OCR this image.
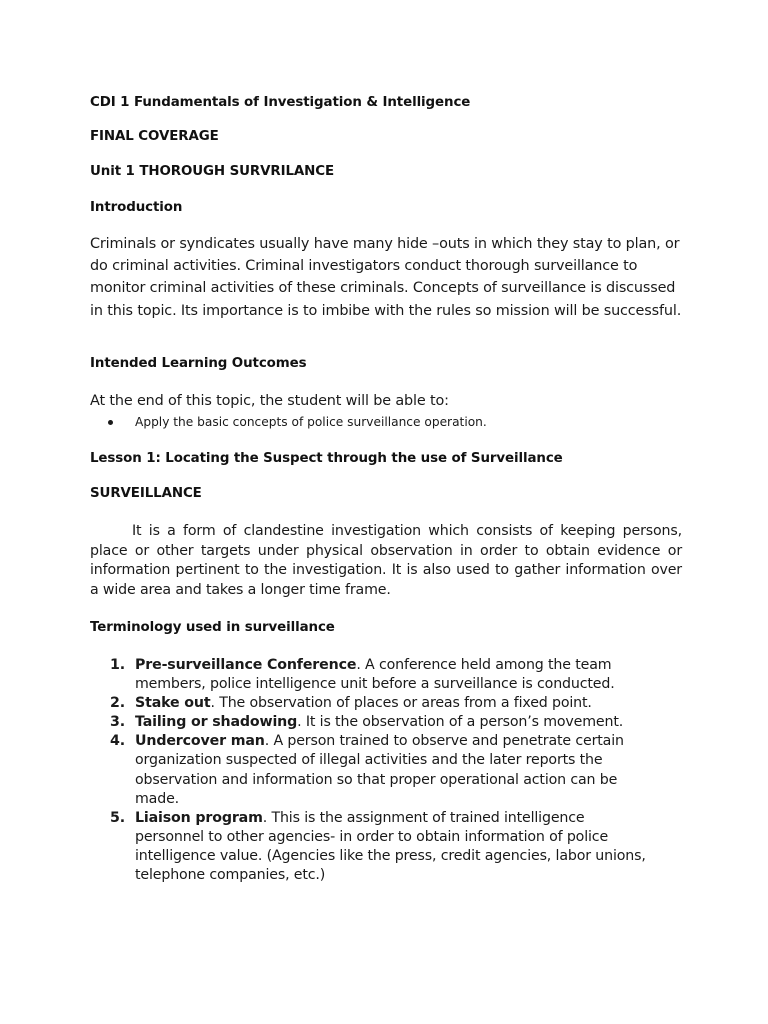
CDI 1 Fundamentals of Investigation & Intelligence
FINAL COVERAGE
Unit 1 THOROUGH SURVRILANCE
Introduction
Criminals or syndicates usually have many hide –outs in which they stay to plan, or do criminal activities. Criminal investigators conduct thorough surveillance to monitor criminal activities of these criminals. Concepts of surveillance is discussed in this topic. Its importance is to imbibe with the rules so mission will be successful.
Intended Learning Outcomes
At the end of this topic, the student will be able to:
Apply the basic concepts of police surveillance operation.
Lesson 1: Locating the Suspect through the use of Surveillance
SURVEILLANCE
It is a form of clandestine investigation which consists of keeping persons, place or other targets under physical observation in order to obtain evidence or information pertinent to the investigation. It is also used to gather information over a wide area and takes a longer time frame.
Terminology used in surveillance
1. Pre-surveillance Conference. A conference held among the team members, police intelligence unit before a surveillance is conducted.
2. Stake out. The observation of places or areas from a fixed point.
3. Tailing or shadowing. It is the observation of a person’s movement.
4. Undercover man. A person trained to observe and penetrate certain organization suspected of illegal activities and the later reports the observation and information so that proper operational action can be made.
5. Liaison program. This is the assignment of trained intelligence personnel to other agencies- in order to obtain information of police intelligence value. (Agencies like the press, credit agencies, labor unions, telephone companies, etc.)
